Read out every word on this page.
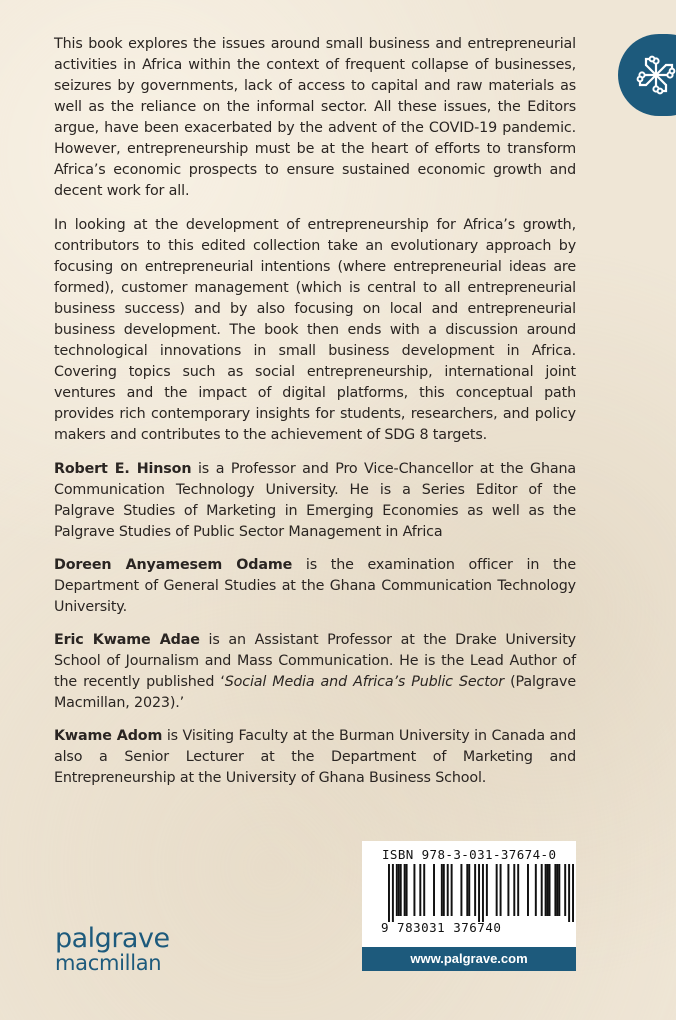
This book explores the issues around small business and entrepreneurial activities in Africa within the context of frequent collapse of businesses, seizures by governments, lack of access to capital and raw materials as well as the reliance on the informal sector. All these issues, the Editors argue, have been exacerbated by the advent of the COVID-19 pandemic. However, entrepreneurship must be at the heart of efforts to transform Africa’s economic prospects to ensure sustained economic growth and decent work for all.

In looking at the development of entrepreneurship for Africa’s growth, contributors to this edited collection take an evolutionary approach by focusing on entrepreneurial intentions (where entrepreneurial ideas are formed), customer management (which is central to all entrepreneurial business success) and by also focusing on local and entrepreneurial business development. The book then ends with a discussion around technological innovations in small business development in Africa. Covering topics such as social entrepreneurship, international joint ventures and the impact of digital platforms, this conceptual path provides rich contemporary insights for students, researchers, and policy makers and contributes to the achievement of SDG 8 targets.

Robert E. Hinson is a Professor and Pro Vice-Chancellor at the Ghana Communication Technology University. He is a Series Editor of the Palgrave Studies of Marketing in Emerging Economies as well as the Palgrave Studies of Public Sector Management in Africa

Doreen Anyamesem Odame is the examination officer in the Department of General Studies at the Ghana Communication Technology University.

Eric Kwame Adae is an Assistant Professor at the Drake University School of Journalism and Mass Communication. He is the Lead Author of the recently published ‘Social Media and Africa’s Public Sector (Palgrave Macmillan, 2023).’

Kwame Adom is Visiting Faculty at the Burman University in Canada and also a Senior Lecturer at the Department of Marketing and Entrepreneurship at the University of Ghana Business School.

palgrave
macmillan
ISBN 978-3-031-37674-0
9 783031 376740
www.palgrave.com
